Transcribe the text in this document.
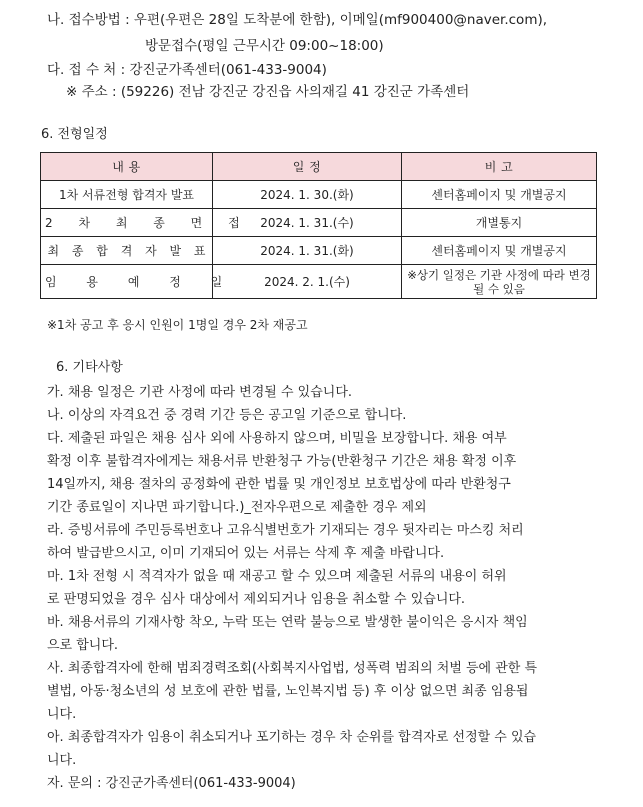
나. 접수방법 : 우편(우편은 28일 도착분에 한함), 이메일(mf900400@naver.com),
방문접수(평일 근무시간 09:00~18:00)
다. 접 수 처 : 강진군가족센터(061-433-9004)
※ 주소 : (59226) 전남 강진군 강진읍 사의재길 41 강진군 가족센터
6. 전형일정
내 용	일 정	비 고
1차 서류전형 합격자 발표	2024. 1. 30.(화)	센터홈페이지 및 개별공지
2 차 최 종 면 접	2024. 1. 31.(수)	개별통지
최 종 합 격 자 발 표	2024. 1. 31.(화)	센터홈페이지 및 개별공지
임 용 예 정 일	2024. 2. 1.(수)	※상기 일정은 기관 사정에 따라 변경될 수 있음
※1차 공고 후 응시 인원이 1명일 경우 2차 재공고
6. 기타사항
가. 채용 일정은 기관 사정에 따라 변경될 수 있습니다.
나. 이상의 자격요건 중 경력 기간 등은 공고일 기준으로 합니다.
다. 제출된 파일은 채용 심사 외에 사용하지 않으며, 비밀을 보장합니다. 채용 여부
확정 이후 불합격자에게는 채용서류 반환청구 가능(반환청구 기간은 채용 확정 이후
14일까지, 채용 절차의 공정화에 관한 법률 및 개인정보 보호법상에 따라 반환청구
기간 종료일이 지나면 파기합니다.)_전자우편으로 제출한 경우 제외
라. 증빙서류에 주민등록번호나 고유식별번호가 기재되는 경우 뒷자리는 마스킹 처리
하여 발급받으시고, 이미 기재되어 있는 서류는 삭제 후 제출 바랍니다.
마. 1차 전형 시 적격자가 없을 때 재공고 할 수 있으며 제출된 서류의 내용이 허위
로 판명되었을 경우 심사 대상에서 제외되거나 임용을 취소할 수 있습니다.
바. 채용서류의 기재사항 착오, 누락 또는 연락 불능으로 발생한 불이익은 응시자 책임
으로 합니다.
사. 최종합격자에 한해 범죄경력조회(사회복지사업법, 성폭력 범죄의 처벌 등에 관한 특
별법, 아동·청소년의 성 보호에 관한 법률, 노인복지법 등) 후 이상 없으면 최종 임용됩
니다.
아. 최종합격자가 임용이 취소되거나 포기하는 경우 차 순위를 합격자로 선정할 수 있습
니다.
자. 문의 : 강진군가족센터(061-433-9004)
